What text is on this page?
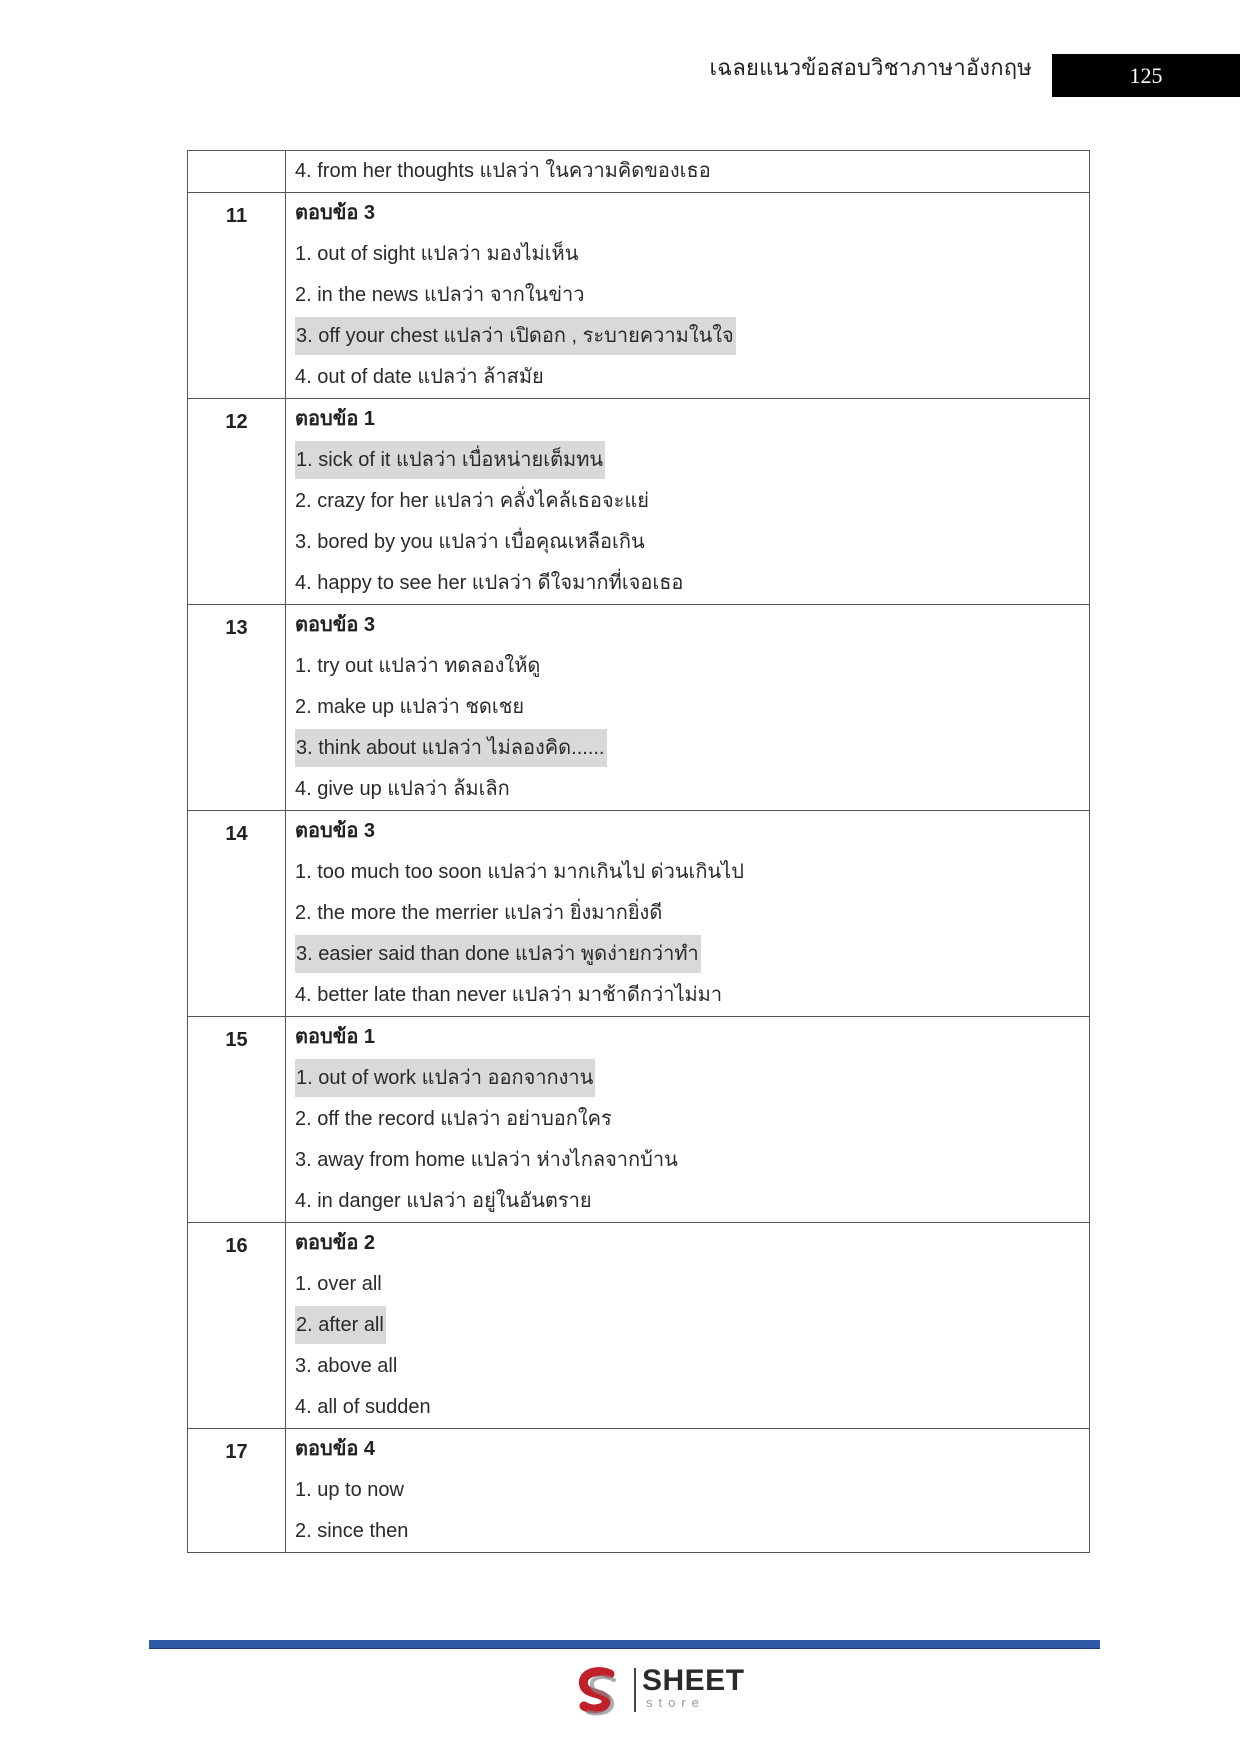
เฉลยแนวข้อสอบวิชาภาษาอังกฤษ	125

	4. from her thoughts แปลว่า ในความคิดของเธอ

11	ตอบข้อ 3
1. out of sight แปลว่า มองไม่เห็น
2. in the news แปลว่า จากในข่าว
3. off your chest แปลว่า เปิดอก , ระบายความในใจ
4. out of date แปลว่า ล้าสมัย

12	ตอบข้อ 1
1. sick of it แปลว่า เบื่อหน่ายเต็มทน
2. crazy for her แปลว่า คลั่งไคล้เธอจะแย่
3. bored by you แปลว่า เบื่อคุณเหลือเกิน
4. happy to see her แปลว่า ดีใจมากที่เจอเธอ

13	ตอบข้อ 3
1. try out แปลว่า ทดลองให้ดู
2. make up แปลว่า ชดเชย
3. think about แปลว่า ไม่ลองคิด......
4. give up แปลว่า ล้มเลิก

14	ตอบข้อ 3
1. too much too soon แปลว่า มากเกินไป ด่วนเกินไป
2. the more the merrier แปลว่า ยิ่งมากยิ่งดี
3. easier said than done แปลว่า พูดง่ายกว่าทำ
4. better late than never แปลว่า มาช้าดีกว่าไม่มา

15	ตอบข้อ 1
1. out of work แปลว่า ออกจากงาน
2. off the record แปลว่า อย่าบอกใคร
3. away from home แปลว่า ห่างไกลจากบ้าน
4. in danger แปลว่า อยู่ในอันตราย

16	ตอบข้อ 2
1. over all
2. after all
3. above all
4. all of sudden

17	ตอบข้อ 4
1. up to now
2. since then
SHEET
store
